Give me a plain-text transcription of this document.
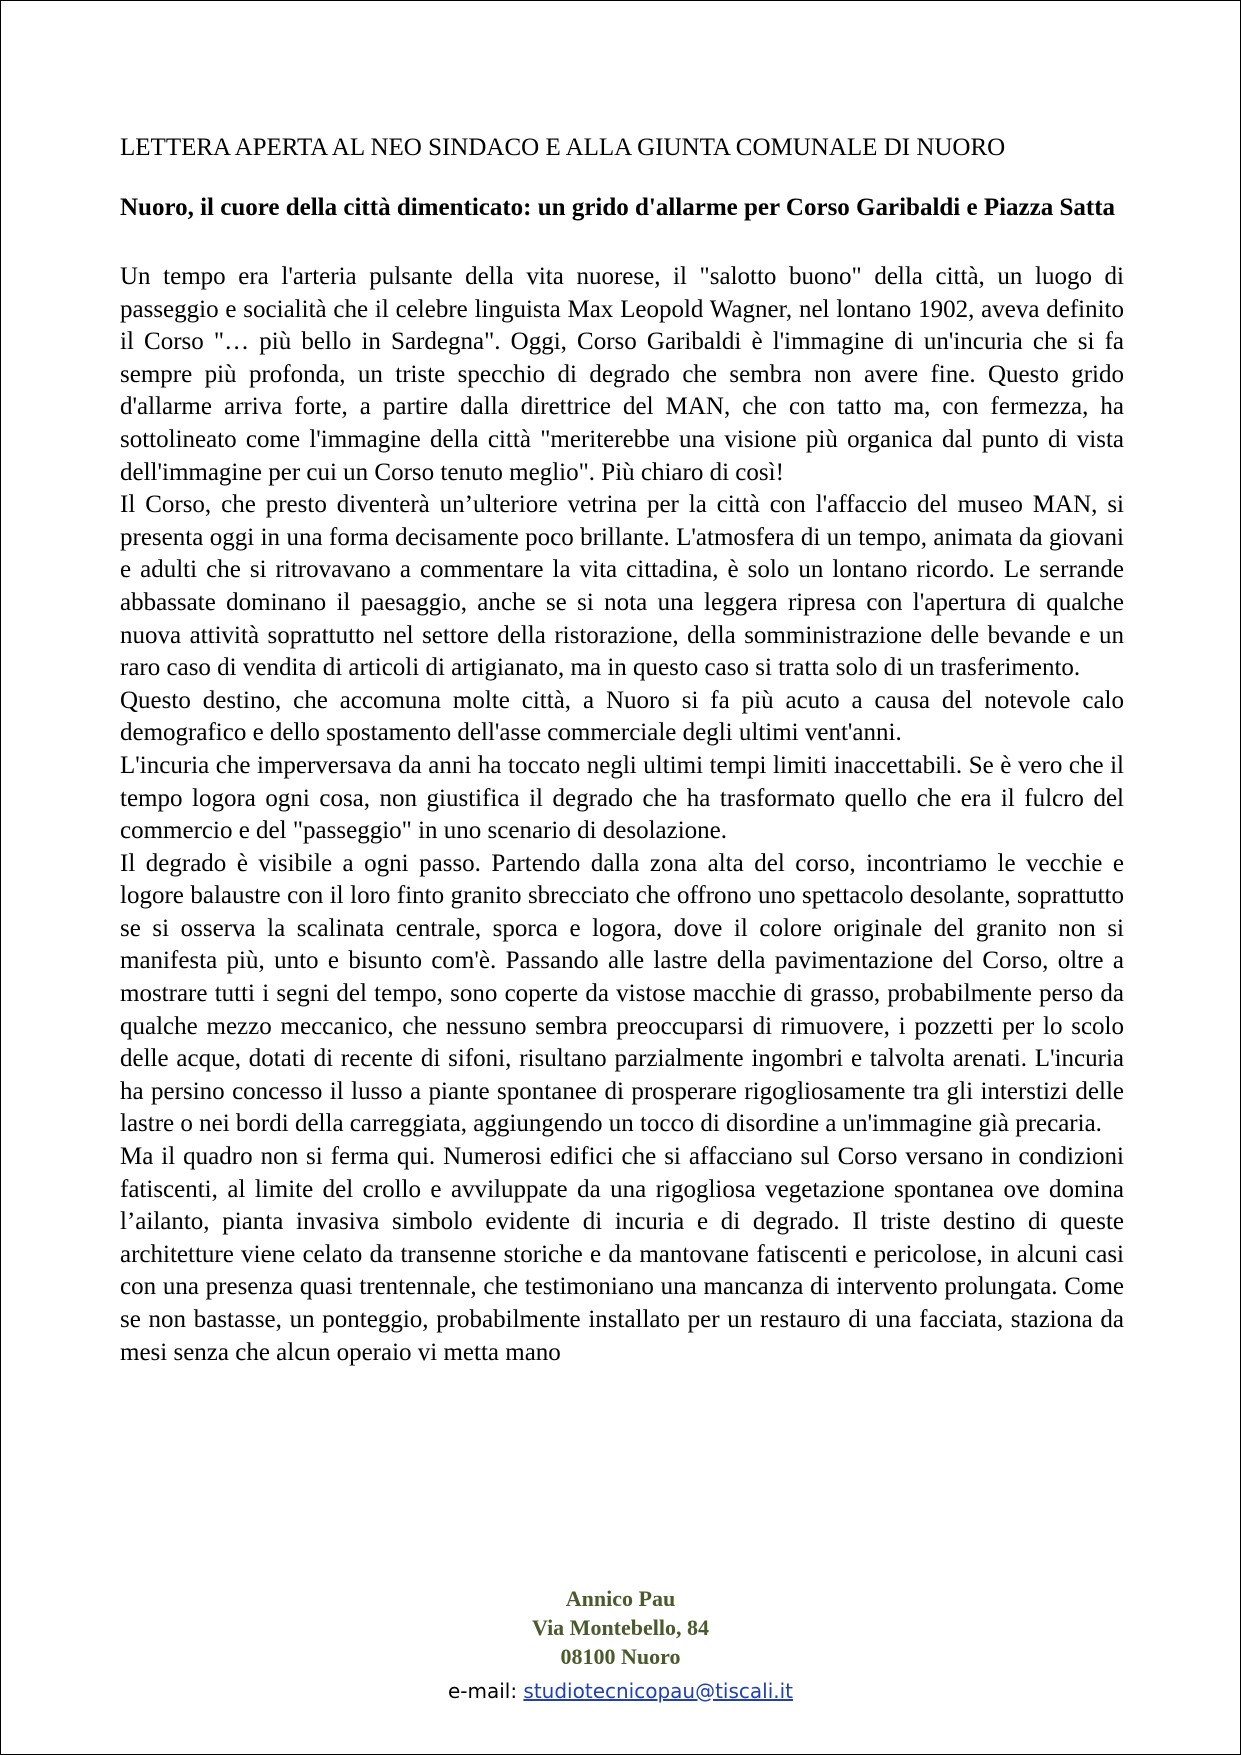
LETTERA APERTA AL NEO SINDACO E ALLA GIUNTA COMUNALE DI NUORO
Nuoro, il cuore della città dimenticato: un grido d'allarme per Corso Garibaldi e Piazza Satta

Un tempo era l'arteria pulsante della vita nuorese, il "salotto buono" della città, un luogo di passeggio e socialità che il celebre linguista Max Leopold Wagner, nel lontano 1902, aveva definito il Corso "… più bello in Sardegna". Oggi, Corso Garibaldi è l'immagine di un'incuria che si fa sempre più profonda, un triste specchio di degrado che sembra non avere fine. Questo grido d'allarme arriva forte, a partire dalla direttrice del MAN, che con tatto ma, con fermezza, ha sottolineato come l'immagine della città "meriterebbe una visione più organica dal punto di vista dell'immagine per cui un Corso tenuto meglio". Più chiaro di così!

Il Corso, che presto diventerà un’ulteriore vetrina per la città con l'affaccio del museo MAN, si presenta oggi in una forma decisamente poco brillante. L'atmosfera di un tempo, animata da giovani e adulti che si ritrovavano a commentare la vita cittadina, è solo un lontano ricordo. Le serrande abbassate dominano il paesaggio, anche se si nota una leggera ripresa con l'apertura di qualche nuova attività soprattutto nel settore della ristorazione, della somministrazione delle bevande e un raro caso di vendita di articoli di artigianato, ma in questo caso si tratta solo di un trasferimento.

Questo destino, che accomuna molte città, a Nuoro si fa più acuto a causa del notevole calo demografico e dello spostamento dell'asse commerciale degli ultimi vent'anni.

L'incuria che imperversava da anni ha toccato negli ultimi tempi limiti inaccettabili. Se è vero che il tempo logora ogni cosa, non giustifica il degrado che ha trasformato quello che era il fulcro del commercio e del "passeggio" in uno scenario di desolazione.

Il degrado è visibile a ogni passo. Partendo dalla zona alta del corso, incontriamo le vecchie e logore balaustre con il loro finto granito sbrecciato che offrono uno spettacolo desolante, soprattutto se si osserva la scalinata centrale, sporca e logora, dove il colore originale del granito non si manifesta più, unto e bisunto com'è. Passando alle lastre della pavimentazione del Corso, oltre a mostrare tutti i segni del tempo, sono coperte da vistose macchie di grasso, probabilmente perso da qualche mezzo meccanico, che nessuno sembra preoccuparsi di rimuovere, i pozzetti per lo scolo delle acque, dotati di recente di sifoni, risultano parzialmente ingombri e talvolta arenati. L'incuria ha persino concesso il lusso a piante spontanee di prosperare rigogliosamente tra gli interstizi delle lastre o nei bordi della carreggiata, aggiungendo un tocco di disordine a un'immagine già precaria.

Ma il quadro non si ferma qui. Numerosi edifici che si affacciano sul Corso versano in condizioni fatiscenti, al limite del crollo e avviluppate da una rigogliosa vegetazione spontanea ove domina l’ailanto, pianta invasiva simbolo evidente di incuria e di degrado. Il triste destino di queste architetture viene celato da transenne storiche e da mantovane fatiscenti e pericolose, in alcuni casi con una presenza quasi trentennale, che testimoniano una mancanza di intervento prolungata. Come se non bastasse, un ponteggio, probabilmente installato per un restauro di una facciata, staziona da mesi senza che alcun operaio vi metta mano

Annico Pau
Via Montebello, 84
08100 Nuoro
e-mail: studiotecnicopau@tiscali.it
